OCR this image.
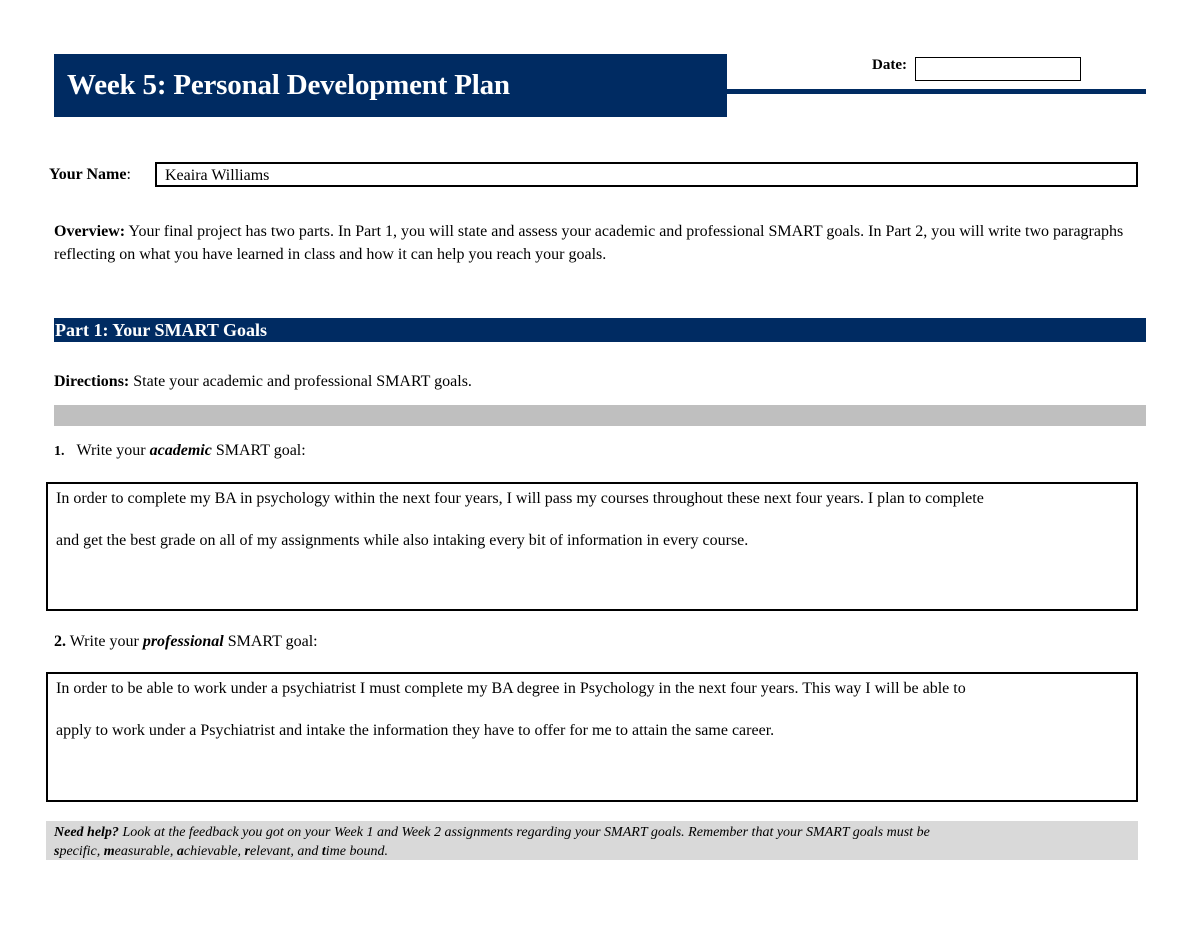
Week 5: Personal Development Plan
Date:
Your Name:	Keaira Williams
Overview: Your final project has two parts. In Part 1, you will state and assess your academic and professional SMART goals. In Part 2, you will write two paragraphs reflecting on what you have learned in class and how it can help you reach your goals.
Part 1: Your SMART Goals
Directions: State your academic and professional SMART goals.
1. Write your academic SMART goal:
In order to complete my BA in psychology within the next four years, I will pass my courses throughout these next four years. I plan to complete
and get the best grade on all of my assignments while also intaking every bit of information in every course.
2. Write your professional SMART goal:
In order to be able to work under a psychiatrist I must complete my BA degree in Psychology in the next four years. This way I will be able to
apply to work under a Psychiatrist and intake the information they have to offer for me to attain the same career.
Need help? Look at the feedback you got on your Week 1 and Week 2 assignments regarding your SMART goals. Remember that your SMART goals must be
specific, measurable, achievable, relevant, and time bound.
